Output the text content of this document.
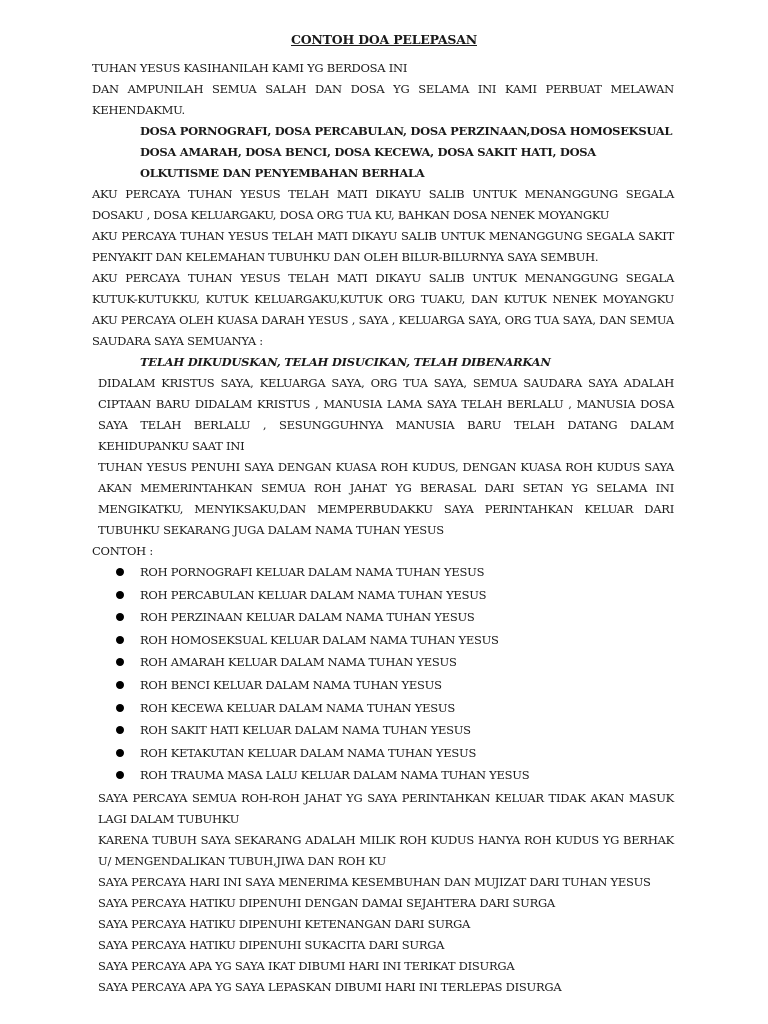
CONTOH DOA PELEPASAN

TUHAN YESUS KASIHANILAH KAMI YG BERDOSA INI

DAN AMPUNILAH SEMUA SALAH DAN DOSA YG SELAMA INI KAMI PERBUAT MELAWAN KEHENDAKMU.

DOSA PORNOGRAFI, DOSA PERCABULAN, DOSA PERZINAAN,DOSA HOMOSEKSUAL

DOSA AMARAH, DOSA BENCI, DOSA KECEWA, DOSA SAKIT HATI, DOSA

OLKUTISME DAN PENYEMBAHAN BERHALA

AKU PERCAYA TUHAN YESUS TELAH MATI DIKAYU SALIB UNTUK MENANGGUNG SEGALA DOSAKU , DOSA KELUARGAKU, DOSA ORG TUA KU, BAHKAN DOSA NENEK MOYANGKU

AKU PERCAYA TUHAN YESUS TELAH MATI DIKAYU SALIB UNTUK MENANGGUNG SEGALA SAKIT PENYAKIT DAN KELEMAHAN TUBUHKU DAN OLEH BILUR-BILURNYA SAYA SEMBUH.

AKU PERCAYA TUHAN YESUS TELAH MATI DIKAYU SALIB UNTUK MENANGGUNG SEGALA KUTUK-KUTUKKU, KUTUK KELUARGAKU,KUTUK ORG TUAKU, DAN KUTUK NENEK MOYANGKU AKU PERCAYA OLEH KUASA DARAH YESUS , SAYA , KELUARGA SAYA, ORG TUA SAYA, DAN SEMUA SAUDARA SAYA SEMUANYA :

TELAH DIKUDUSKAN, TELAH DISUCIKAN, TELAH DIBENARKAN

DIDALAM KRISTUS SAYA, KELUARGA SAYA, ORG TUA SAYA, SEMUA SAUDARA SAYA ADALAH CIPTAAN BARU DIDALAM KRISTUS , MANUSIA LAMA SAYA TELAH BERLALU , MANUSIA DOSA SAYA TELAH BERLALU , SESUNGGUHNYA MANUSIA BARU TELAH DATANG DALAM KEHIDUPANKU SAAT INI

TUHAN YESUS PENUHI SAYA DENGAN KUASA ROH KUDUS, DENGAN KUASA ROH KUDUS SAYA AKAN MEMERINTAHKAN SEMUA ROH JAHAT YG BERASAL DARI SETAN YG SELAMA INI MENGIKATKU, MENYIKSAKU,DAN MEMPERBUDAKKU SAYA PERINTAHKAN KELUAR DARI TUBUHKU SEKARANG JUGA DALAM NAMA TUHAN YESUS

CONTOH :
ROH PORNOGRAFI KELUAR DALAM NAMA TUHAN YESUS
ROH PERCABULAN KELUAR DALAM NAMA TUHAN YESUS
ROH PERZINAAN KELUAR DALAM NAMA TUHAN YESUS
ROH HOMOSEKSUAL KELUAR DALAM NAMA TUHAN YESUS
ROH AMARAH KELUAR DALAM NAMA TUHAN YESUS
ROH BENCI KELUAR DALAM NAMA TUHAN YESUS
ROH KECEWA KELUAR DALAM NAMA TUHAN YESUS
ROH SAKIT HATI KELUAR DALAM NAMA TUHAN YESUS
ROH KETAKUTAN KELUAR DALAM NAMA TUHAN YESUS
ROH TRAUMA MASA LALU KELUAR DALAM NAMA TUHAN YESUS

SAYA PERCAYA SEMUA ROH-ROH JAHAT YG SAYA PERINTAHKAN KELUAR TIDAK AKAN MASUK LAGI DALAM TUBUHKU

KARENA TUBUH SAYA SEKARANG ADALAH MILIK ROH KUDUS HANYA ROH KUDUS YG BERHAK U/ MENGENDALIKAN TUBUH,JIWA DAN ROH KU

SAYA PERCAYA HARI INI SAYA MENERIMA KESEMBUHAN DAN MUJIZAT DARI TUHAN YESUS

SAYA PERCAYA HATIKU DIPENUHI DENGAN DAMAI SEJAHTERA DARI SURGA

SAYA PERCAYA HATIKU DIPENUHI KETENANGAN DARI SURGA

SAYA PERCAYA HATIKU DIPENUHI SUKACITA DARI SURGA

SAYA PERCAYA APA YG SAYA IKAT DIBUMI HARI INI TERIKAT DISURGA

SAYA PERCAYA APA YG SAYA LEPASKAN DIBUMI HARI INI TERLEPAS DISURGA
